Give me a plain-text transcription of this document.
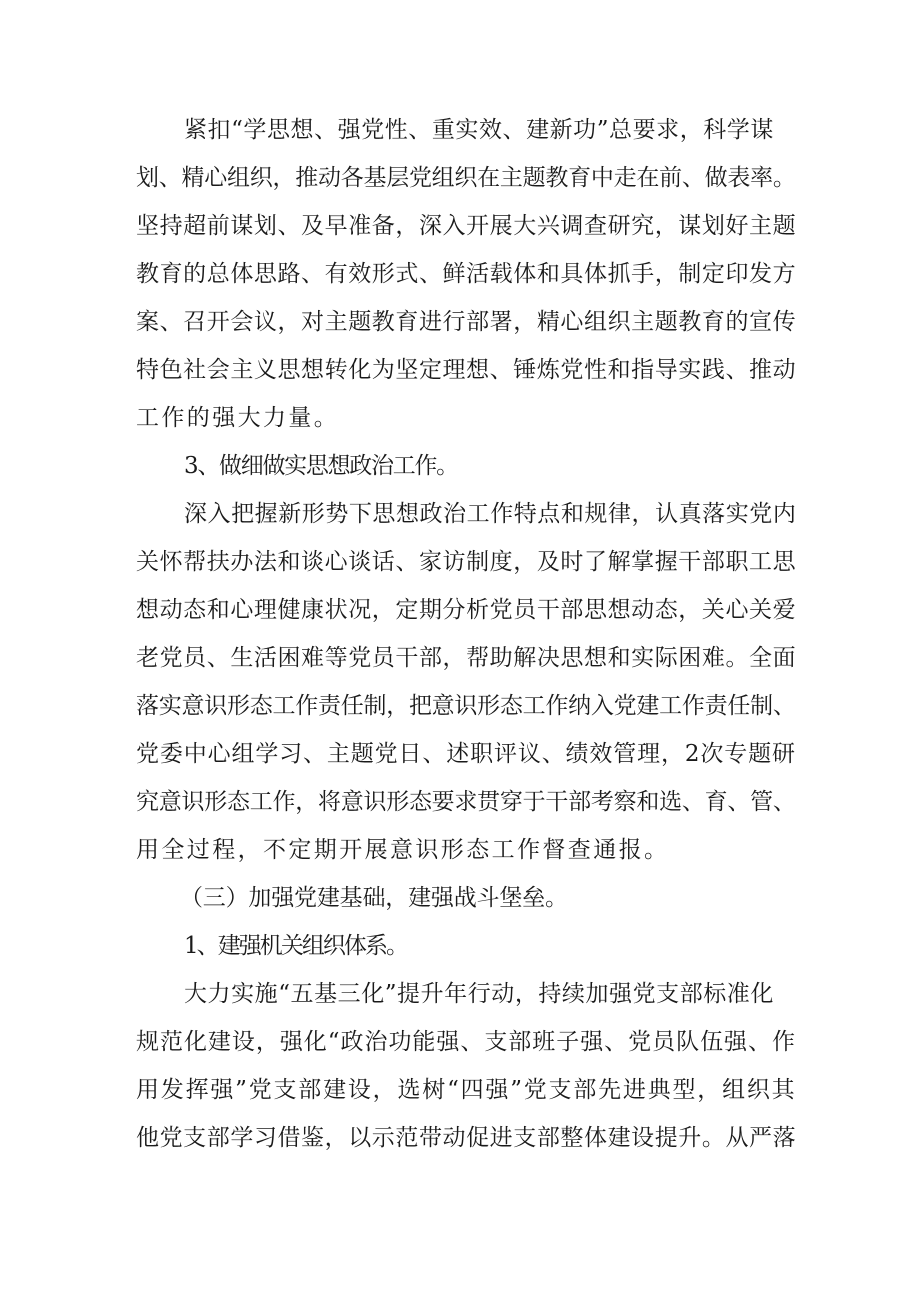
紧扣“学思想、强党性、重实效、建新功”总要求，科学谋
划、精心组织，推动各基层党组织在主题教育中走在前、做表率。
坚持超前谋划、及早准备，深入开展大兴调查研究，谋划好主题
教育的总体思路、有效形式、鲜活载体和具体抓手，制定印发方
案、召开会议，对主题教育进行部署，精心组织主题教育的宣传
特色社会主义思想转化为坚定理想、锤炼党性和指导实践、推动
工作的强大力量。
3、做细做实思想政治工作。
深入把握新形势下思想政治工作特点和规律，认真落实党内
关怀帮扶办法和谈心谈话、家访制度，及时了解掌握干部职工思
想动态和心理健康状况，定期分析党员干部思想动态，关心关爱
老党员、生活困难等党员干部，帮助解决思想和实际困难。全面
落实意识形态工作责任制，把意识形态工作纳入党建工作责任制、
党委中心组学习、主题党日、述职评议、绩效管理，2次专题研
究意识形态工作，将意识形态要求贯穿于干部考察和选、育、管、
用全过程，不定期开展意识形态工作督查通报。
（三）加强党建基础，建强战斗堡垒。
1、建强机关组织体系。
大力实施“五基三化”提升年行动，持续加强党支部标准化
规范化建设，强化“政治功能强、支部班子强、党员队伍强、作
用发挥强”党支部建设，选树“四强”党支部先进典型，组织其
他党支部学习借鉴，以示范带动促进支部整体建设提升。从严落
